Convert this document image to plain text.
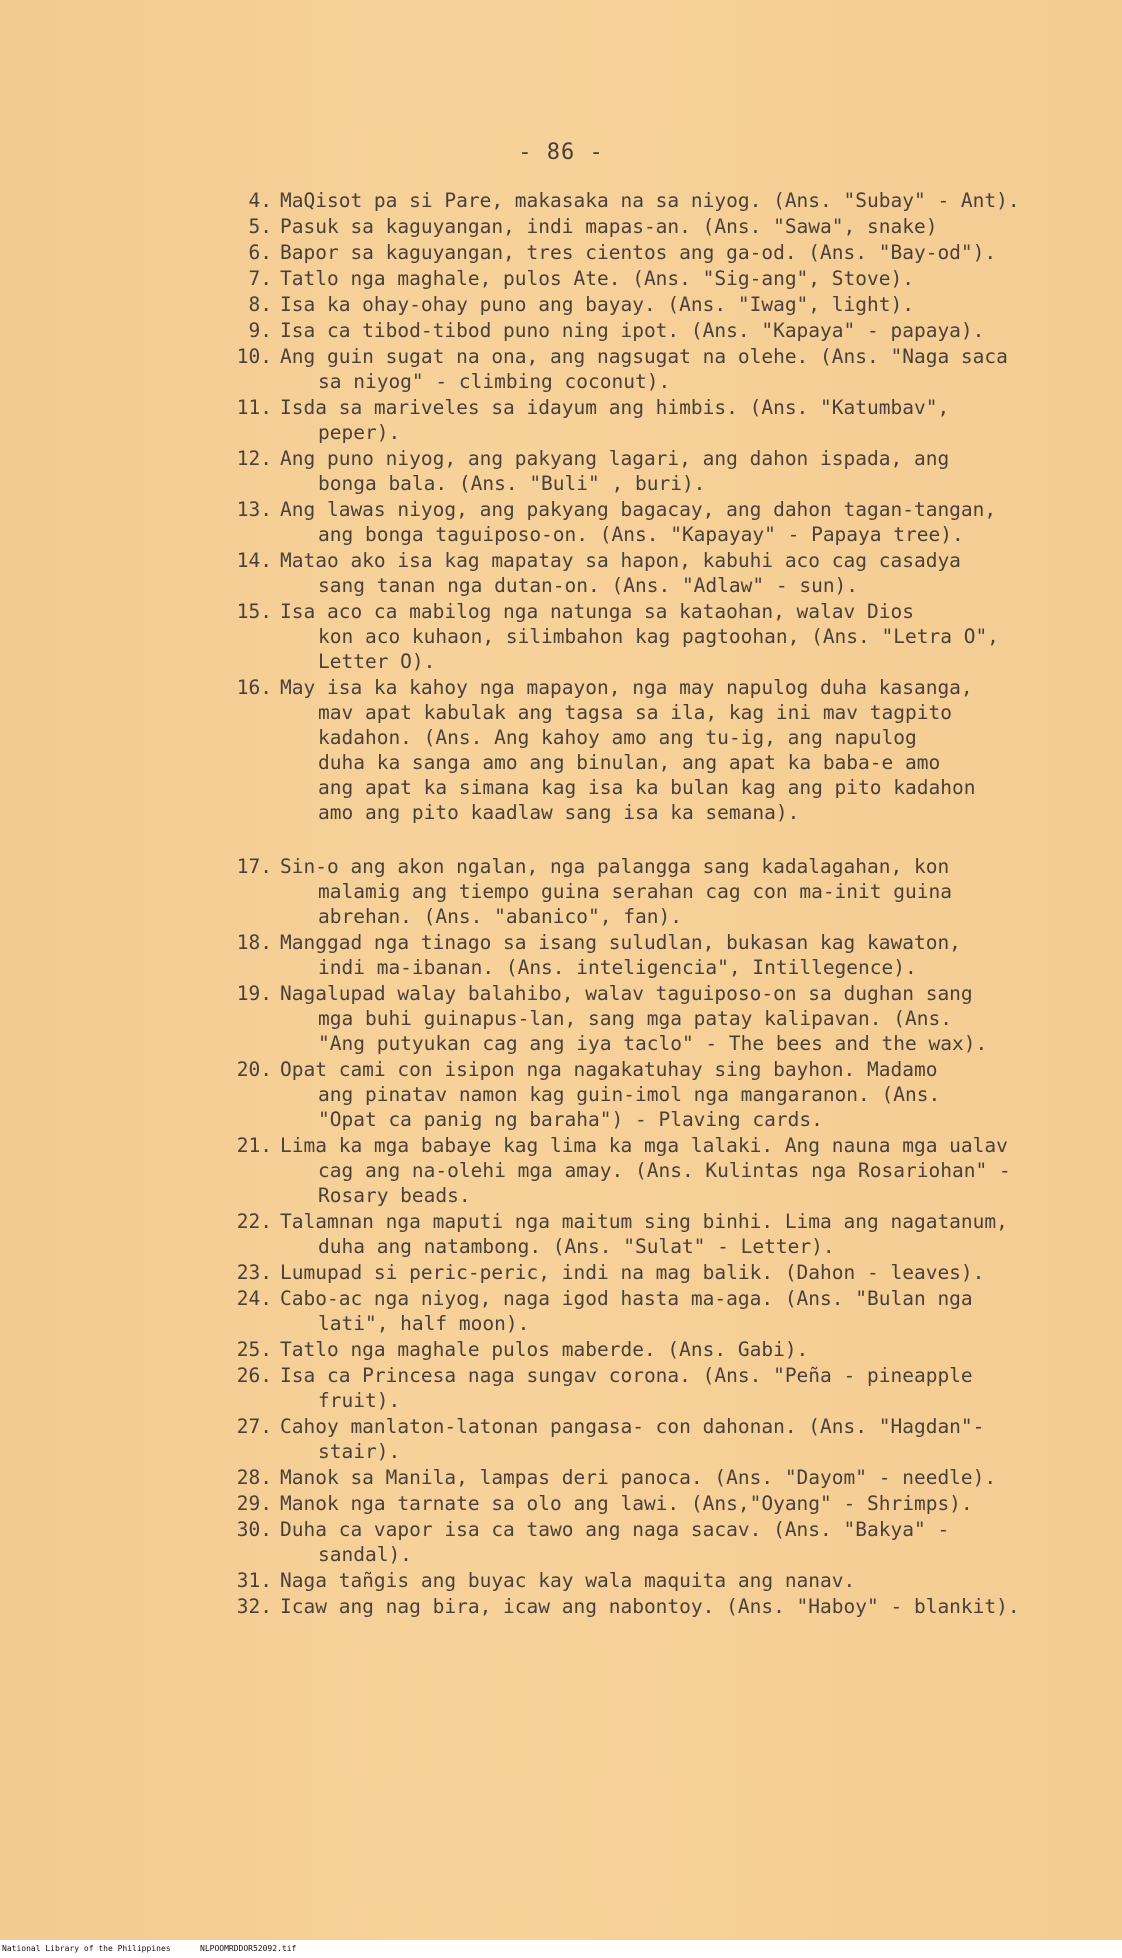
- 86 -
4. MaQisot pa si Pare, makasaka na sa niyog. (Ans. "Subay" - Ant).
5. Pasuk sa kaguyangan, indi mapas-an. (Ans. "Sawa", snake)
6. Bapor sa kaguyangan, tres cientos ang ga-od. (Ans. "Bay-od").
7. Tatlo nga maghale, pulos Ate. (Ans. "Sig-ang", Stove).
8. Isa ka ohay-ohay puno ang bayay. (Ans. "Iwag", light).
9. Isa ca tibod-tibod puno ning ipot. (Ans. "Kapaya" - papaya).
10. Ang guin sugat na ona, ang nagsugat na olehe. (Ans. "Naga saca
sa niyog" - climbing coconut).
11. Isda sa mariveles sa idayum ang himbis. (Ans. "Katumbav",
peper).
12. Ang puno niyog, ang pakyang lagari, ang dahon ispada, ang
bonga bala. (Ans. "Buli" , buri).
13. Ang lawas niyog, ang pakyang bagacay, ang dahon tagan-tangan,
ang bonga taguiposo-on. (Ans. "Kapayay" - Papaya tree).
14. Matao ako isa kag mapatay sa hapon, kabuhi aco cag casadya
sang tanan nga dutan-on. (Ans. "Adlaw" - sun).
15. Isa aco ca mabilog nga natunga sa kataohan, walav Dios
kon aco kuhaon, silimbahon kag pagtoohan, (Ans. "Letra O",
Letter O).
16. May isa ka kahoy nga mapayon, nga may napulog duha kasanga,
mav apat kabulak ang tagsa sa ila, kag ini mav tagpito
kadahon. (Ans. Ang kahoy amo ang tu-ig, ang napulog
duha ka sanga amo ang binulan, ang apat ka baba-e amo
ang apat ka simana kag isa ka bulan kag ang pito kadahon
amo ang pito kaadlaw sang isa ka semana).
17. Sin-o ang akon ngalan, nga palangga sang kadalagahan, kon
malamig ang tiempo guina serahan cag con ma-init guina
abrehan. (Ans. "abanico", fan).
18. Manggad nga tinago sa isang suludlan, bukasan kag kawaton,
indi ma-ibanan. (Ans. inteligencia", Intillegence).
19. Nagalupad walay balahibo, walav taguiposo-on sa dughan sang
mga buhi guinapus-lan, sang mga patay kalipavan. (Ans.
"Ang putyukan cag ang iya taclo" - The bees and the wax).
20. Opat cami con isipon nga nagakatuhay sing bayhon. Madamo
ang pinatav namon kag guin-imol nga mangaranon. (Ans.
"Opat ca panig ng baraha") - Plaving cards.
21. Lima ka mga babaye kag lima ka mga lalaki. Ang nauna mga ualav
cag ang na-olehi mga amay. (Ans. Kulintas nga Rosariohan" -
Rosary beads.
22. Talamnan nga maputi nga maitum sing binhi. Lima ang nagatanum,
duha ang natambong. (Ans. "Sulat" - Letter).
23. Lumupad si peric-peric, indi na mag balik. (Dahon - leaves).
24. Cabo-ac nga niyog, naga igod hasta ma-aga. (Ans. "Bulan nga
lati", half moon).
25. Tatlo nga maghale pulos maberde. (Ans. Gabi).
26. Isa ca Princesa naga sungav corona. (Ans. "Peña - pineapple
fruit).
27. Cahoy manlaton-latonan pangasa- con dahonan. (Ans. "Hagdan"-
stair).
28. Manok sa Manila, lampas deri panoca. (Ans. "Dayom" - needle).
29. Manok nga tarnate sa olo ang lawi. (Ans,"Oyang" - Shrimps).
30. Duha ca vapor isa ca tawo ang naga sacav. (Ans. "Bakya" -
sandal).
31. Naga tañgis ang buyac kay wala maquita ang nanav.
32. Icaw ang nag bira, icaw ang nabontoy. (Ans. "Haboy" - blankit).
National Library of the Philippines	NLPOOMRDDOR52092.tif
